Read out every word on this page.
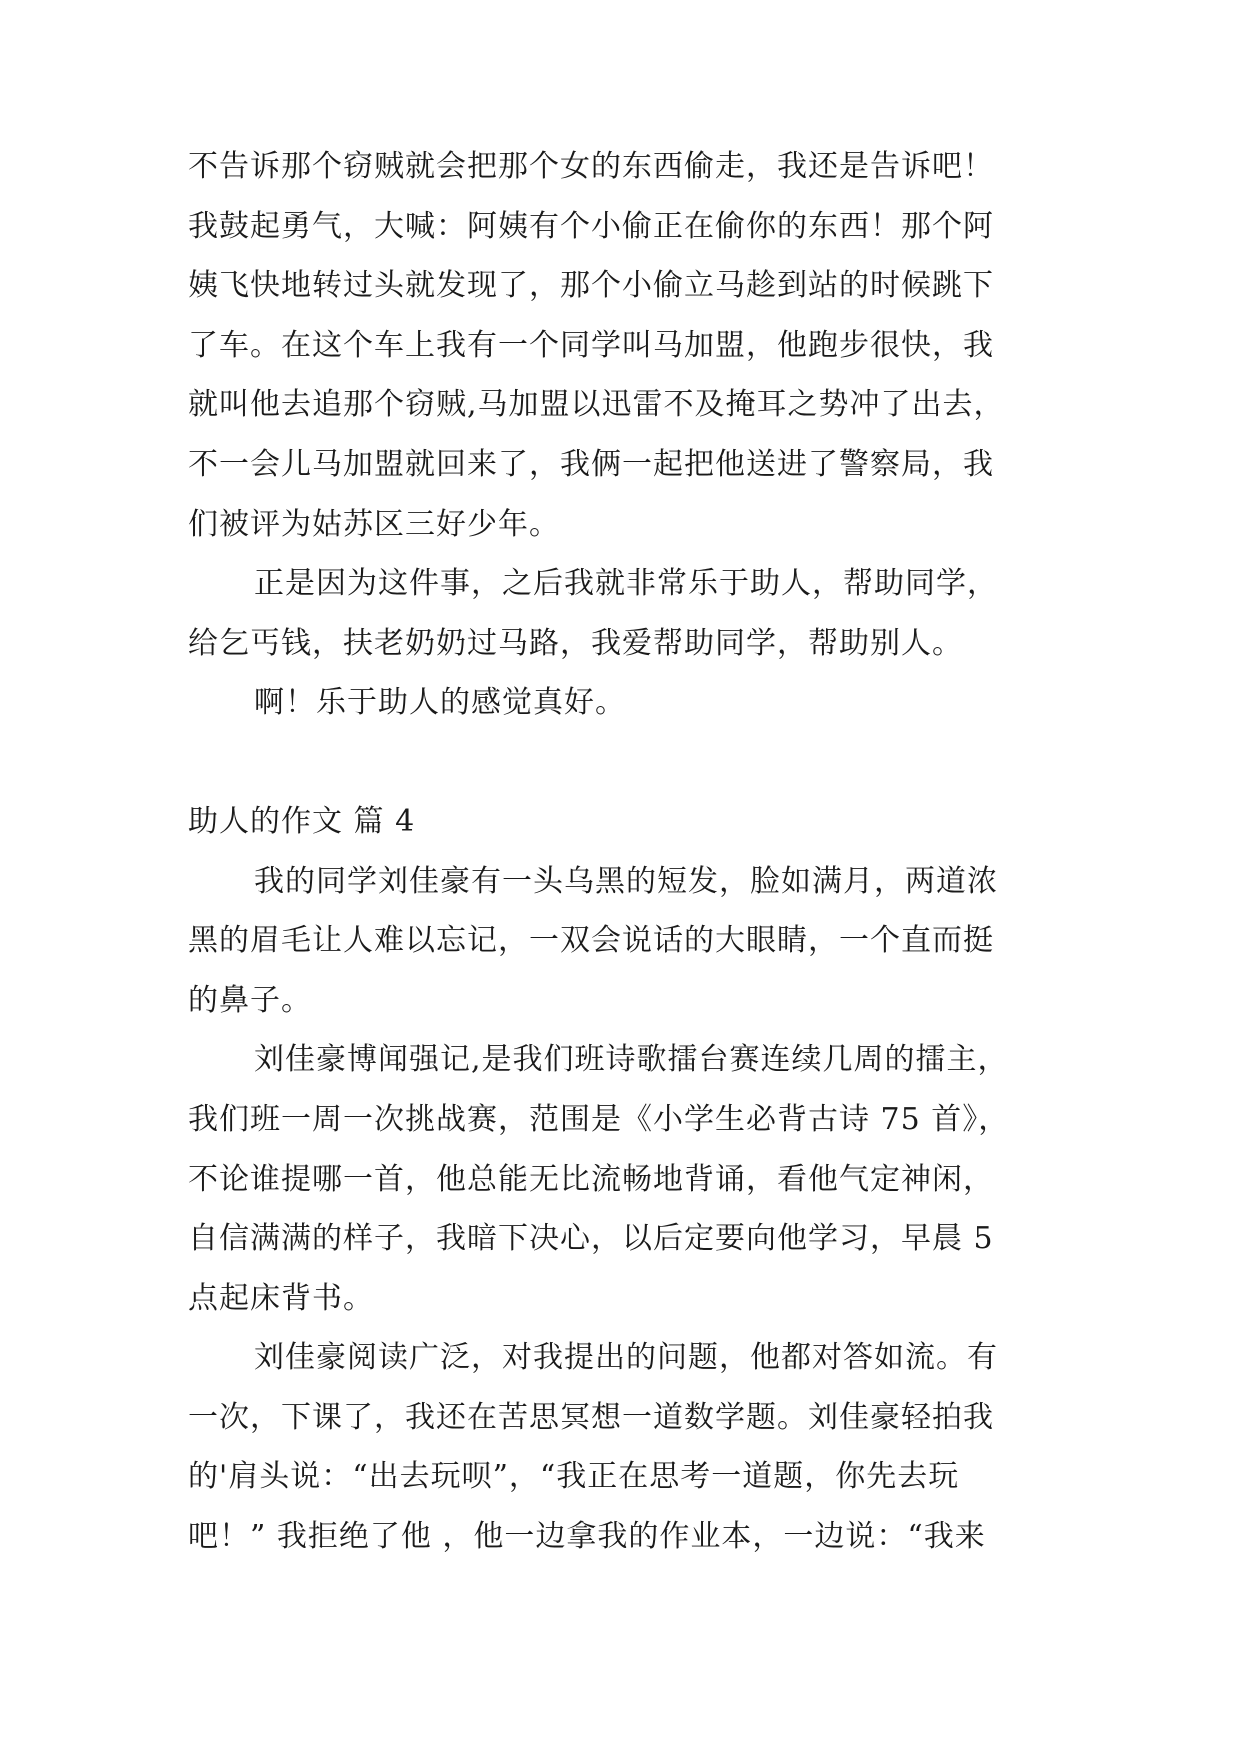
不告诉那个窃贼就会把那个女的东西偷走，我还是告诉吧！
我鼓起勇气，大喊：阿姨有个小偷正在偷你的东西！那个阿
姨飞快地转过头就发现了，那个小偷立马趁到站的时候跳下
了车。在这个车上我有一个同学叫马加盟，他跑步很快，我
就叫他去追那个窃贼,马加盟以迅雷不及掩耳之势冲了出去，
不一会儿马加盟就回来了，我俩一起把他送进了警察局，我
们被评为姑苏区三好少年。
正是因为这件事，之后我就非常乐于助人，帮助同学，
给乞丐钱，扶老奶奶过马路，我爱帮助同学，帮助别人。
啊！乐于助人的感觉真好。
助人的作文 篇 4
我的同学刘佳豪有一头乌黑的短发，脸如满月，两道浓
黑的眉毛让人难以忘记，一双会说话的大眼睛，一个直而挺
的鼻子。
刘佳豪博闻强记,是我们班诗歌擂台赛连续几周的擂主，
我们班一周一次挑战赛，范围是《小学生必背古诗 75 首》，
不论谁提哪一首，他总能无比流畅地背诵，看他气定神闲，
自信满满的样子，我暗下决心，以后定要向他学习，早晨 5
点起床背书。
刘佳豪阅读广泛，对我提出的问题，他都对答如流。有
一次，下课了，我还在苦思冥想一道数学题。刘佳豪轻拍我
的'肩头说：“出去玩呗”，“我正在思考一道题，你先去玩
吧！” 我拒绝了他 ，他一边拿我的作业本，一边说：“我来
